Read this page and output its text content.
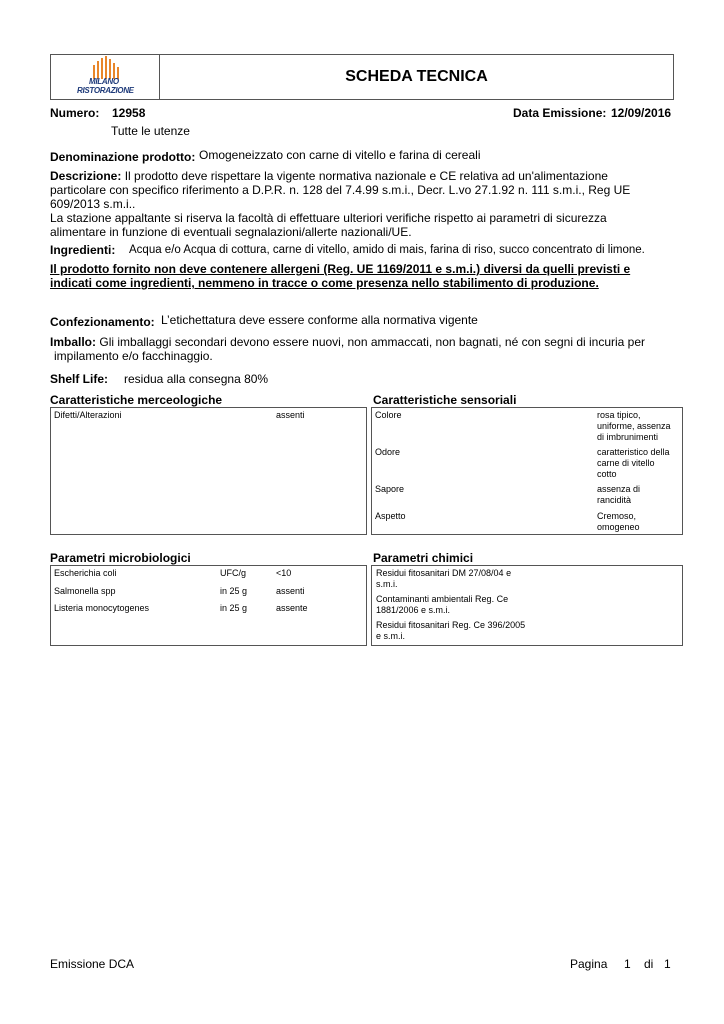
MILANO
RISTORAZIONE
SCHEDA TECNICA
Numero: 12958
Tutte le utenze
Data Emissione: 12/09/2016
Denominazione prodotto: Omogeneizzato con carne di vitello e farina di cereali
Descrizione: Il prodotto deve rispettare la vigente normativa nazionale e CE relativa ad un'alimentazione
particolare con specifico riferimento a D.P.R. n. 128 del 7.4.99 s.m.i., Decr. L.vo 27.1.92 n. 111 s.m.i., Reg UE
609/2013 s.m.i..
La stazione appaltante si riserva la facoltà di effettuare ulteriori verifiche rispetto ai parametri di sicurezza
alimentare in funzione di eventuali segnalazioni/allerte nazionali/UE.
Ingredienti: Acqua e/o Acqua di cottura, carne di vitello, amido di mais, farina di riso, succo concentrato di limone.
Il prodotto fornito non deve contenere allergeni (Reg. UE 1169/2011 e s.m.i.) diversi da quelli previsti e
indicati come ingredienti, nemmeno in tracce o come presenza nello stabilimento di produzione.
Confezionamento: L’etichettatura deve essere conforme alla normativa vigente
Imballo: Gli imballaggi secondari devono essere nuovi, non ammaccati, non bagnati, né con segni di incuria per
impilamento e/o facchinaggio.
Shelf Life: residua alla consegna 80%
Caratteristiche merceologiche
Difetti/Alterazioni	assenti
Caratteristiche sensoriali
Colore	rosa tipico,
uniforme, assenza
di imbrunimenti
Odore	caratteristico della
carne di vitello
cotto
Sapore	assenza di
rancidità
Aspetto	Cremoso,
omogeneo
Parametri microbiologici
Escherichia coli	UFC/g	<10
Salmonella spp	in 25 g	assenti
Listeria monocytogenes	in 25 g	assente
Parametri chimici
Residui fitosanitari DM 27/08/04 e
s.m.i.
Contaminanti ambientali Reg. Ce
1881/2006 e s.m.i.
Residui fitosanitari Reg. Ce 396/2005
e s.m.i.
Emissione DCA	Pagina 1 di 1
